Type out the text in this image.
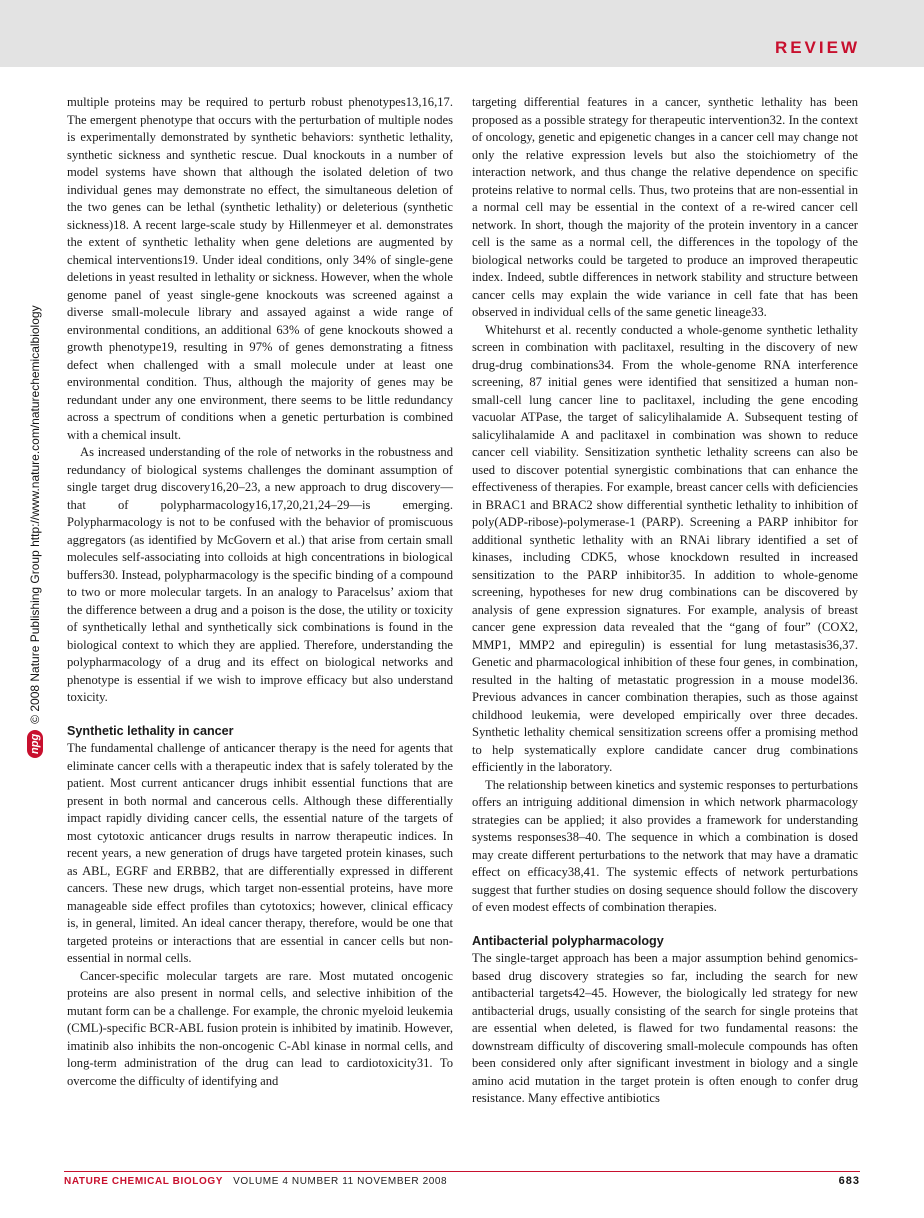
REVIEW
npg
© 2008 Nature Publishing Group http://www.nature.com/naturechemicalbiology

multiple proteins may be required to perturb robust phenotypes13,16,17. The emergent phenotype that occurs with the perturbation of multiple nodes is experimentally demonstrated by synthetic behaviors: synthetic lethality, synthetic sickness and synthetic rescue. Dual knockouts in a number of model systems have shown that although the isolated deletion of two individual genes may demonstrate no effect, the simultaneous deletion of the two genes can be lethal (synthetic lethality) or deleterious (synthetic sickness)18. A recent large-scale study by Hillenmeyer et al. demonstrates the extent of synthetic lethality when gene deletions are augmented by chemical interventions19. Under ideal conditions, only 34% of single-gene deletions in yeast resulted in lethality or sickness. However, when the whole genome panel of yeast single-gene knockouts was screened against a diverse small-molecule library and assayed against a wide range of environmental conditions, an additional 63% of gene knockouts showed a growth phenotype19, resulting in 97% of genes demonstrating a fitness defect when challenged with a small molecule under at least one environmental condition. Thus, although the majority of genes may be redundant under any one environment, there seems to be little redundancy across a spectrum of conditions when a genetic perturbation is combined with a chemical insult.

As increased understanding of the role of networks in the robustness and redundancy of biological systems challenges the dominant assumption of single target drug discovery16,20–23, a new approach to drug discovery—that of polypharmacology16,17,20,21,24–29—is emerging. Polypharmacology is not to be confused with the behavior of promiscuous aggregators (as identified by McGovern et al.) that arise from certain small molecules self-associating into colloids at high concentrations in biological buffers30. Instead, polypharmacology is the specific binding of a compound to two or more molecular targets. In an analogy to Paracelsus’ axiom that the difference between a drug and a poison is the dose, the utility or toxicity of synthetically lethal and synthetically sick combinations is found in the biological context to which they are applied. Therefore, understanding the polypharmacology of a drug and its effect on biological networks and phenotype is essential if we wish to improve efficacy but also understand toxicity.

Synthetic lethality in cancer

The fundamental challenge of anticancer therapy is the need for agents that eliminate cancer cells with a therapeutic index that is safely tolerated by the patient. Most current anticancer drugs inhibit essential functions that are present in both normal and cancerous cells. Although these differentially impact rapidly dividing cancer cells, the essential nature of the targets of most cytotoxic anticancer drugs results in narrow therapeutic indices. In recent years, a new generation of drugs have targeted protein kinases, such as ABL, EGRF and ERBB2, that are differentially expressed in different cancers. These new drugs, which target non-essential proteins, have more manageable side effect profiles than cytotoxics; however, clinical efficacy is, in general, limited. An ideal cancer therapy, therefore, would be one that targeted proteins or interactions that are essential in cancer cells but non-essential in normal cells.

Cancer-specific molecular targets are rare. Most mutated oncogenic proteins are also present in normal cells, and selective inhibition of the mutant form can be a challenge. For example, the chronic myeloid leukemia (CML)-specific BCR-ABL fusion protein is inhibited by imatinib. However, imatinib also inhibits the non-oncogenic C-Abl kinase in normal cells, and long-term administration of the drug can lead to cardiotoxicity31. To overcome the difficulty of identifying and

targeting differential features in a cancer, synthetic lethality has been proposed as a possible strategy for therapeutic intervention32. In the context of oncology, genetic and epigenetic changes in a cancer cell may change not only the relative expression levels but also the stoichiometry of the interaction network, and thus change the relative dependence on specific proteins relative to normal cells. Thus, two proteins that are non-essential in a normal cell may be essential in the context of a re-wired cancer cell network. In short, though the majority of the protein inventory in a cancer cell is the same as a normal cell, the differences in the topology of the biological networks could be targeted to produce an improved therapeutic index. Indeed, subtle differences in network stability and structure between cancer cells may explain the wide variance in cell fate that has been observed in individual cells of the same genetic lineage33.

Whitehurst et al. recently conducted a whole-genome synthetic lethality screen in combination with paclitaxel, resulting in the discovery of new drug-drug combinations34. From the whole-genome RNA interference screening, 87 initial genes were identified that sensitized a human non-small-cell lung cancer line to paclitaxel, including the gene encoding vacuolar ATPase, the target of salicylihalamide A. Subsequent testing of salicylihalamide A and paclitaxel in combination was shown to reduce cancer cell viability. Sensitization synthetic lethality screens can also be used to discover potential synergistic combinations that can enhance the effectiveness of therapies. For example, breast cancer cells with deficiencies in BRAC1 and BRAC2 show differential synthetic lethality to inhibition of poly(ADP-ribose)-polymerase-1 (PARP). Screening a PARP inhibitor for additional synthetic lethality with an RNAi library identified a set of kinases, including CDK5, whose knockdown resulted in increased sensitization to the PARP inhibitor35. In addition to whole-genome screening, hypotheses for new drug combinations can be discovered by analysis of gene expression signatures. For example, analysis of breast cancer gene expression data revealed that the “gang of four” (COX2, MMP1, MMP2 and epiregulin) is essential for lung metastasis36,37. Genetic and pharmacological inhibition of these four genes, in combination, resulted in the halting of metastatic progression in a mouse model36. Previous advances in cancer combination therapies, such as those against childhood leukemia, were developed empirically over three decades. Synthetic lethality chemical sensitization screens offer a promising method to help systematically explore candidate cancer drug combinations efficiently in the laboratory.

The relationship between kinetics and systemic responses to perturbations offers an intriguing additional dimension in which network pharmacology strategies can be applied; it also provides a framework for understanding systems responses38–40. The sequence in which a combination is dosed may create different perturbations to the network that may have a dramatic effect on efficacy38,41. The systemic effects of network perturbations suggest that further studies on dosing sequence should follow the discovery of even modest effects of combination therapies.

Antibacterial polypharmacology

The single-target approach has been a major assumption behind genomics-based drug discovery strategies so far, including the search for new antibacterial targets42–45. However, the biologically led strategy for new antibacterial drugs, usually consisting of the search for single proteins that are essential when deleted, is flawed for two fundamental reasons: the downstream difficulty of discovering small-molecule compounds has often been considered only after significant investment in biology and a single amino acid mutation in the target protein is often enough to confer drug resistance. Many effective antibiotics

NATURE CHEMICAL BIOLOGY VOLUME 4 NUMBER 11 NOVEMBER 2008	683
